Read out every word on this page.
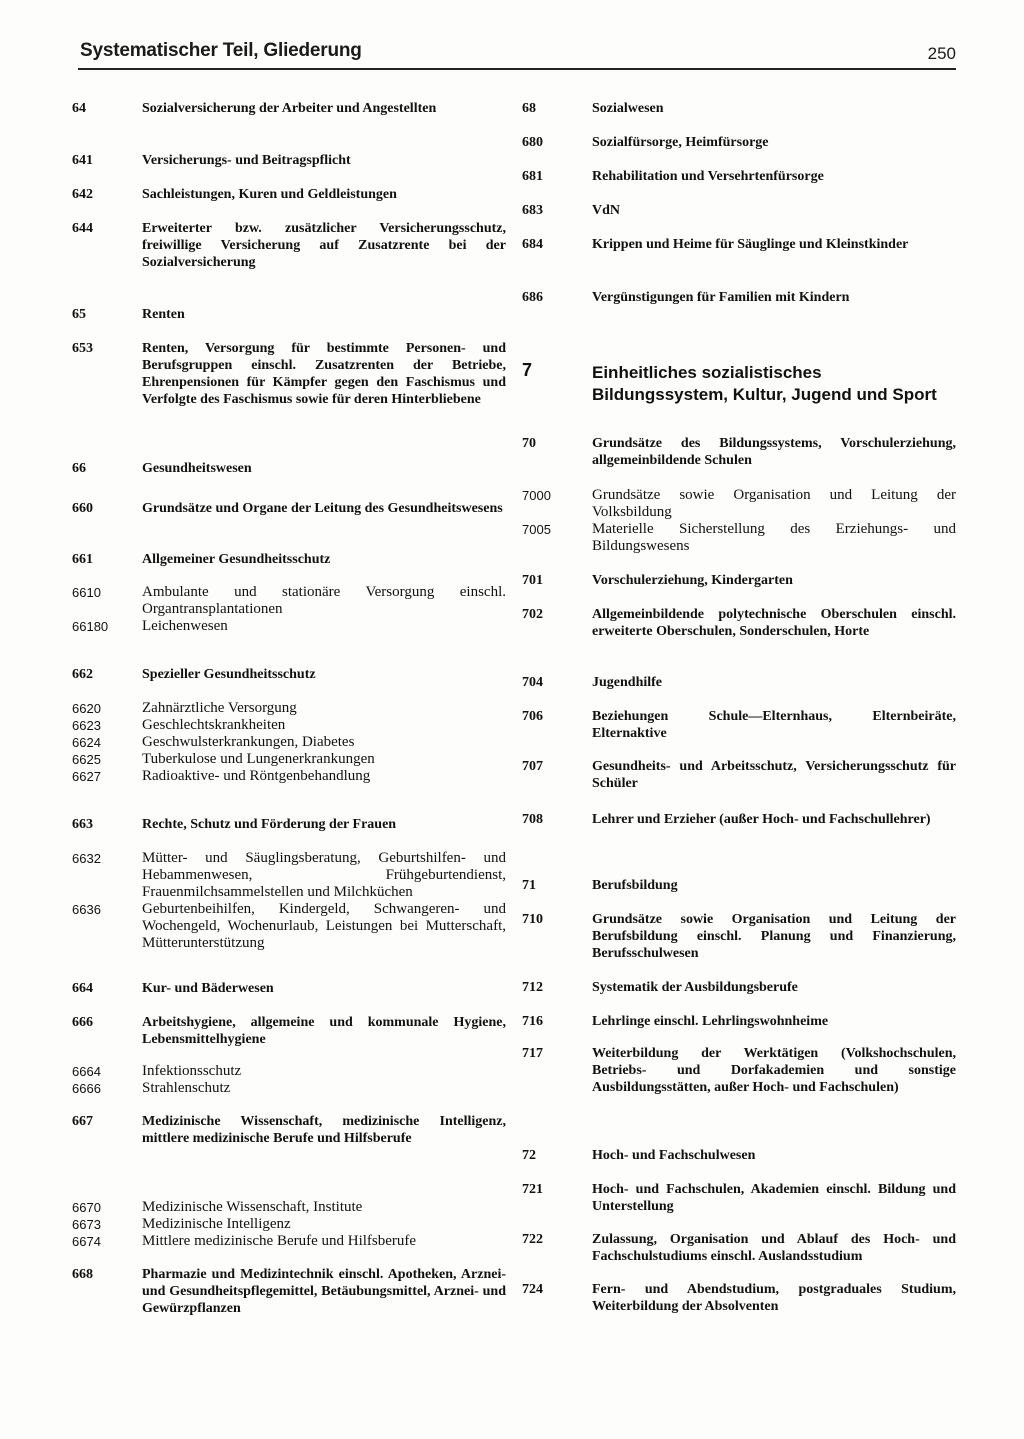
Systematischer Teil, Gliederung	250
64	Sozialversicherung der Arbeiter und Angestellten
641	Versicherungs- und Beitragspflicht
642	Sachleistungen, Kuren und Geldleistungen
644	Erweiterter bzw. zusätzlicher Versicherungsschutz, freiwillige Versicherung auf Zusatzrente bei der Sozialversicherung
65	Renten
653	Renten, Versorgung für bestimmte Personen- und Berufsgruppen einschl. Zusatzrenten der Betriebe, Ehrenpensionen für Kämpfer gegen den Faschismus und Verfolgte des Faschismus sowie für deren Hinterbliebene
66	Gesundheitswesen
660	Grundsätze und Organe der Leitung des Gesundheitswesens
661	Allgemeiner Gesundheitsschutz
6610	Ambulante und stationäre Versorgung einschl. Organtransplantationen
66180	Leichenwesen
662	Spezieller Gesundheitsschutz
6620	Zahnärztliche Versorgung
6623	Geschlechtskrankheiten
6624	Geschwulsterkrankungen, Diabetes
6625	Tuberkulose und Lungenerkrankungen
6627	Radioaktive- und Röntgenbehandlung
663	Rechte, Schutz und Förderung der Frauen
6632	Mütter- und Säuglingsberatung, Geburtshilfen- und Hebammenwesen, Frühgeburtendienst, Frauenmilchsammelstellen und Milchküchen
6636	Geburtenbeihilfen, Kindergeld, Schwangeren- und Wochengeld, Wochenurlaub, Leistungen bei Mutterschaft, Mütterunterstützung
664	Kur- und Bäderwesen
666	Arbeitshygiene, allgemeine und kommunale Hygiene, Lebensmittelhygiene
6664	Infektionsschutz
6666	Strahlenschutz
667	Medizinische Wissenschaft, medizinische Intelligenz, mittlere medizinische Berufe und Hilfsberufe
6670	Medizinische Wissenschaft, Institute
6673	Medizinische Intelligenz
6674	Mittlere medizinische Berufe und Hilfsberufe
668	Pharmazie und Medizintechnik einschl. Apotheken, Arznei- und Gesundheitspflegemittel, Betäubungsmittel, Arznei- und Gewürzpflanzen
68	Sozialwesen
680	Sozialfürsorge, Heimfürsorge
681	Rehabilitation und Versehrtenfürsorge
683	VdN
684	Krippen und Heime für Säuglinge und Kleinstkinder
686	Vergünstigungen für Familien mit Kindern
7	Einheitliches sozialistisches Bildungssystem, Kultur, Jugend und Sport
70	Grundsätze des Bildungssystems, Vorschulerziehung, allgemeinbildende Schulen
7000	Grundsätze sowie Organisation und Leitung der Volksbildung
7005	Materielle Sicherstellung des Erziehungs- und Bildungswesens
701	Vorschulerziehung, Kindergarten
702	Allgemeinbildende polytechnische Oberschulen einschl. erweiterte Oberschulen, Sonderschulen, Horte
704	Jugendhilfe
706	Beziehungen Schule—Elternhaus, Elternbeiräte, Elternaktive
707	Gesundheits- und Arbeitsschutz, Versicherungsschutz für Schüler
708	Lehrer und Erzieher (außer Hoch- und Fachschullehrer)
71	Berufsbildung
710	Grundsätze sowie Organisation und Leitung der Berufsbildung einschl. Planung und Finanzierung, Berufsschulwesen
712	Systematik der Ausbildungsberufe
716	Lehrlinge einschl. Lehrlingswohnheime
717	Weiterbildung der Werktätigen (Volkshochschulen, Betriebs- und Dorfakademien und sonstige Ausbildungsstätten, außer Hoch- und Fachschulen)
72	Hoch- und Fachschulwesen
721	Hoch- und Fachschulen, Akademien einschl. Bildung und Unterstellung
722	Zulassung, Organisation und Ablauf des Hoch- und Fachschulstudiums einschl. Auslandsstudium
724	Fern- und Abendstudium, postgraduales Studium, Weiterbildung der Absolventen
